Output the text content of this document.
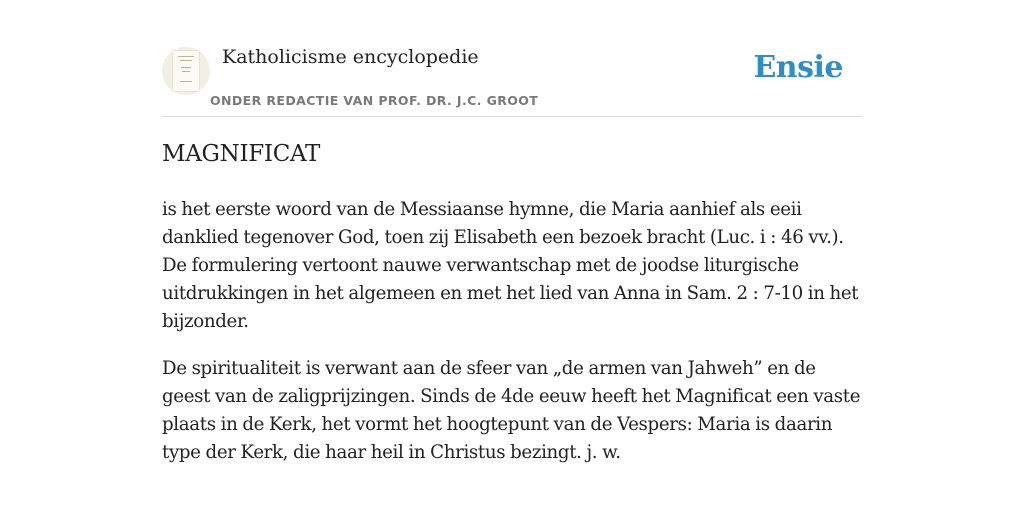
Katholicisme encyclopedie
ONDER REDACTIE VAN PROF. DR. J.C. GROOT
Ensie
MAGNIFICAT

is het eerste woord van de Messiaanse hymne, die Maria aanhief als eeii danklied tegenover God, toen zij Elisabeth een bezoek bracht (Luc. i : 46 vv.). De formulering vertoont nauwe verwantschap met de joodse liturgische uitdrukkingen in het algemeen en met het lied van Anna in Sam. 2 : 7-10 in het bijzonder.

De spiritualiteit is verwant aan de sfeer van „de armen van Jahweh” en de geest van de zaligprijzingen. Sinds de 4de eeuw heeft het Magnificat een vaste plaats in de Kerk, het vormt het hoogtepunt van de Vespers: Maria is daarin type der Kerk, die haar heil in Christus bezingt. j. w.
